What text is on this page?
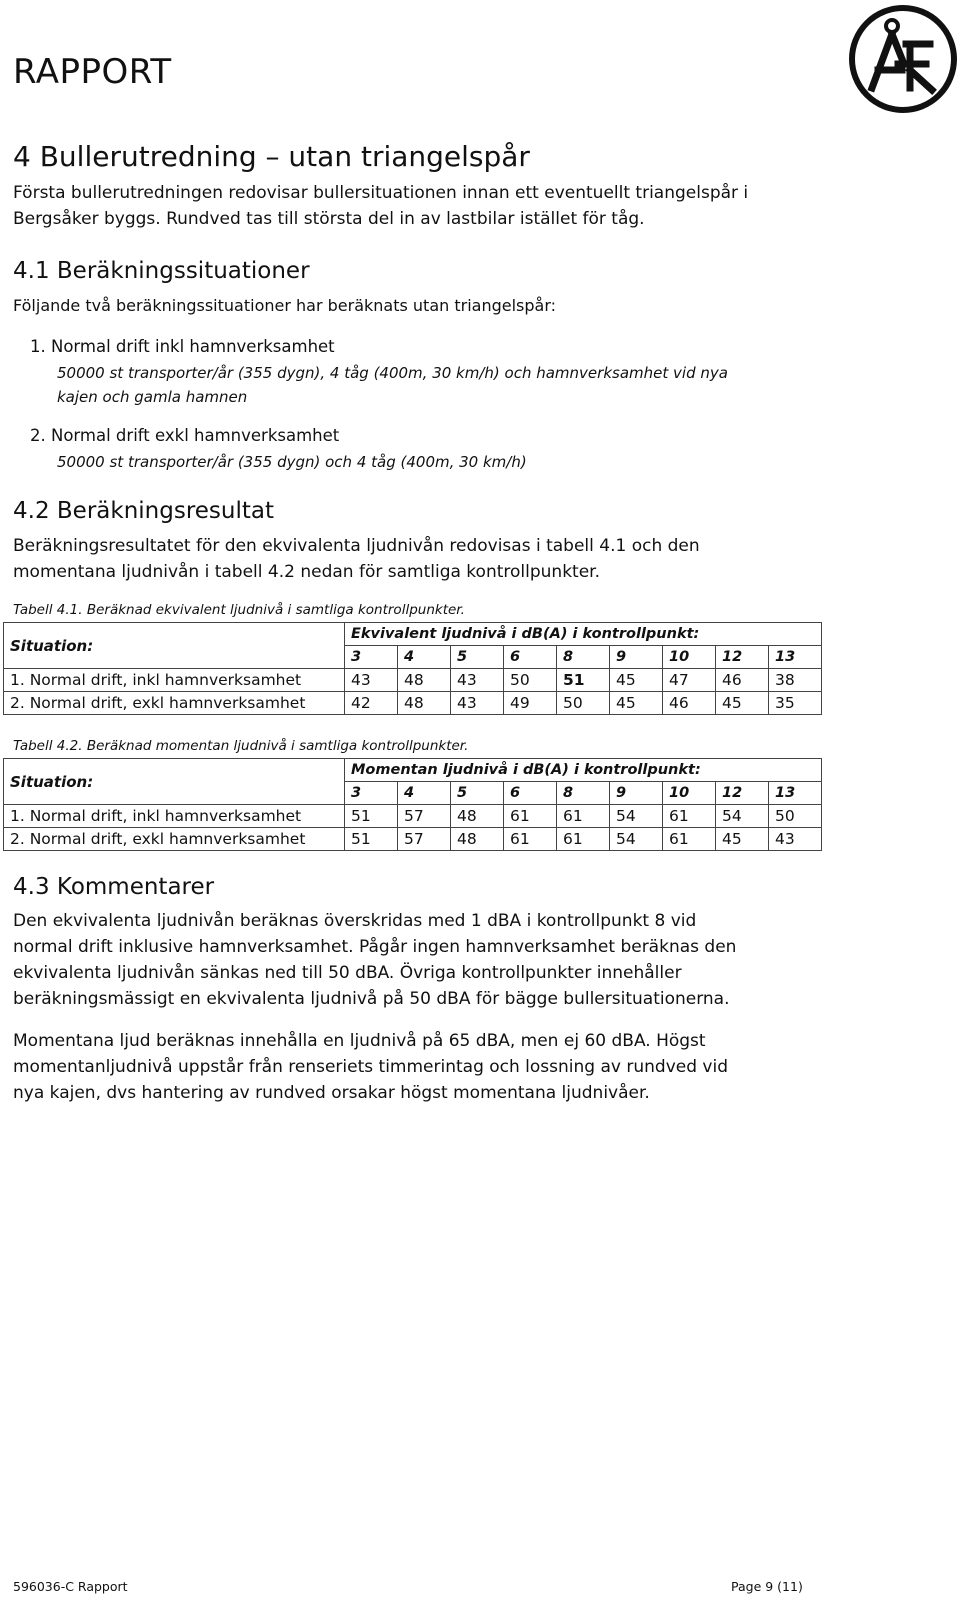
RAPPORT
4 Bullerutredning – utan triangelspår

Första bullerutredningen redovisar bullersituationen innan ett eventuellt triangelspår i

Bergsåker byggs. Rundved tas till största del in av lastbilar istället för tåg.

4.1 Beräkningssituationer

Följande två beräkningssituationer har beräknats utan triangelspår:

1. Normal drift inkl hamnverksamhet
50000 st transporter/år (355 dygn), 4 tåg (400m, 30 km/h) och hamnverksamhet vid nya
kajen och gamla hamnen
2. Normal drift exkl hamnverksamhet
50000 st transporter/år (355 dygn) och 4 tåg (400m, 30 km/h)
4.2 Beräkningsresultat

Beräkningsresultatet för den ekvivalenta ljudnivån redovisas i tabell 4.1 och den

momentana ljudnivån i tabell 4.2 nedan för samtliga kontrollpunkter.

Tabell 4.1. Beräknad ekvivalent ljudnivå i samtliga kontrollpunkter.
Situation:	Ekvivalent ljudnivå i dB(A) i kontrollpunkt:								
	3	4	5	6	8	9	10	12	13
1. Normal drift, inkl hamnverksamhet	43	48	43	50	51	45	47	46	38
2. Normal drift, exkl hamnverksamhet	42	48	43	49	50	45	46	45	35
Tabell 4.2. Beräknad momentan ljudnivå i samtliga kontrollpunkter.
Situation:	Momentan ljudnivå i dB(A) i kontrollpunkt:								
	3	4	5	6	8	9	10	12	13
1. Normal drift, inkl hamnverksamhet	51	57	48	61	61	54	61	54	50
2. Normal drift, exkl hamnverksamhet	51	57	48	61	61	54	61	45	43
4.3 Kommentarer

Den ekvivalenta ljudnivån beräknas överskridas med 1 dBA i kontrollpunkt 8 vid

normal drift inklusive hamnverksamhet. Pågår ingen hamnverksamhet beräknas den

ekvivalenta ljudnivån sänkas ned till 50 dBA. Övriga kontrollpunkter innehåller

beräkningsmässigt en ekvivalenta ljudnivå på 50 dBA för bägge bullersituationerna.

Momentana ljud beräknas innehålla en ljudnivå på 65 dBA, men ej 60 dBA. Högst

momentanljudnivå uppstår från renseriets timmerintag och lossning av rundved vid

nya kajen, dvs hantering av rundved orsakar högst momentana ljudnivåer.

596036-C Rapport	Page 9 (11)
